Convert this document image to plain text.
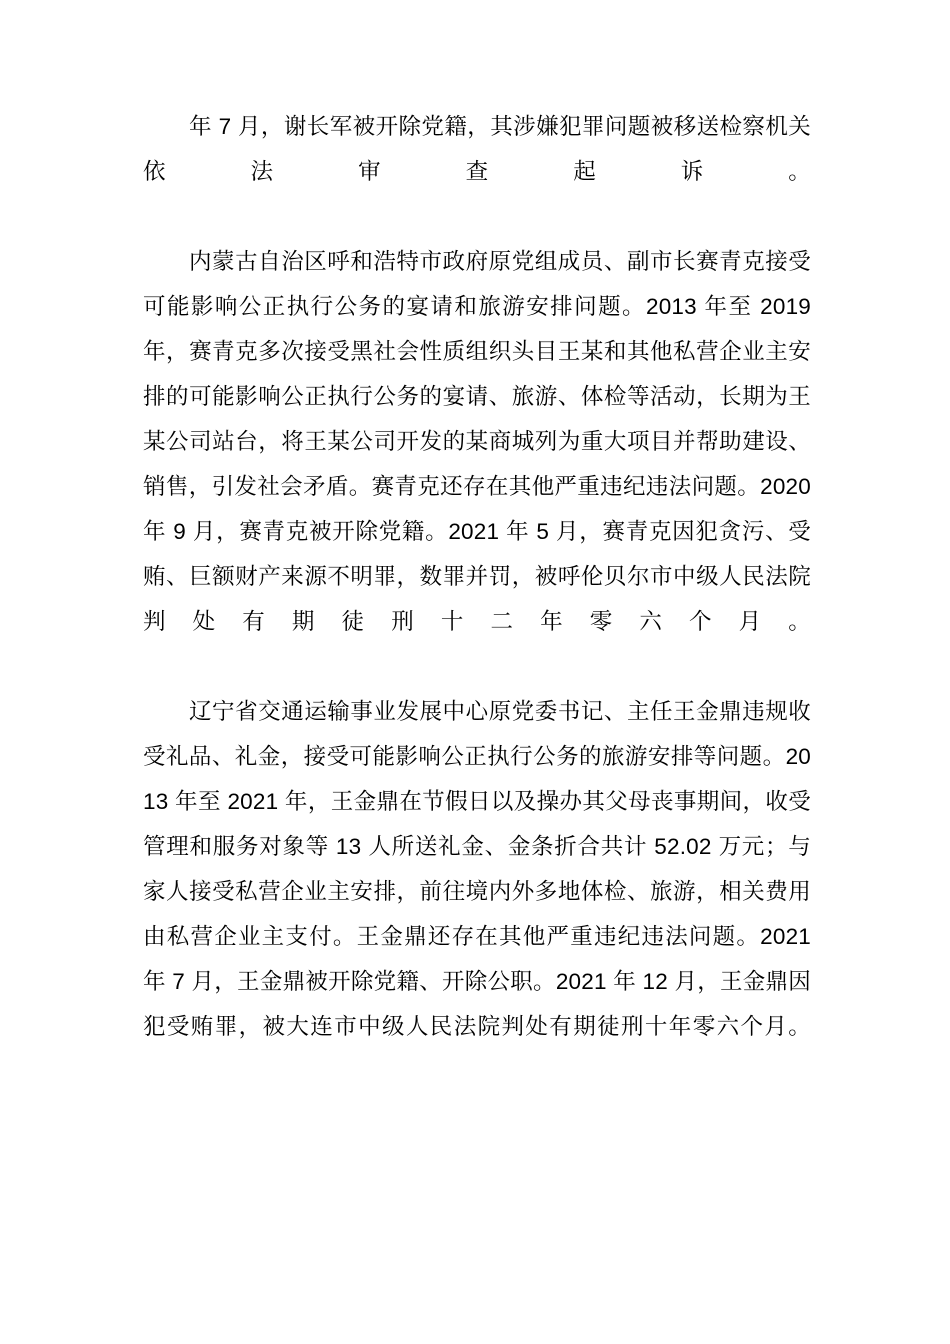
年 7 月，谢长军被开除党籍，其涉嫌犯罪问题被移送检察机关依法审查起诉。

内蒙古自治区呼和浩特市政府原党组成员、副市长赛青克接受可能影响公正执行公务的宴请和旅游安排问题。2013 年至 2019 年，赛青克多次接受黑社会性质组织头目王某和其他私营企业主安排的可能影响公正执行公务的宴请、旅游、体检等活动，长期为王某公司站台，将王某公司开发的某商城列为重大项目并帮助建设、销售，引发社会矛盾。赛青克还存在其他严重违纪违法问题。2020 年 9 月，赛青克被开除党籍。2021 年 5 月，赛青克因犯贪污、受贿、巨额财产来源不明罪，数罪并罚，被呼伦贝尔市中级人民法院判处有期徒刑十二年零六个月。

辽宁省交通运输事业发展中心原党委书记、主任王金鼎违规收受礼品、礼金，接受可能影响公正执行公务的旅游安排等问题。2013 年至 2021 年，王金鼎在节假日以及操办其父母丧事期间，收受管理和服务对象等 13 人所送礼金、金条折合共计 52.02 万元；与家人接受私营企业主安排，前往境内外多地体检、旅游，相关费用由私营企业主支付。王金鼎还存在其他严重违纪违法问题。2021 年 7 月，王金鼎被开除党籍、开除公职。2021 年 12 月，王金鼎因犯受贿罪，被大连市中级人民法院判处有期徒刑十年零六个月。
